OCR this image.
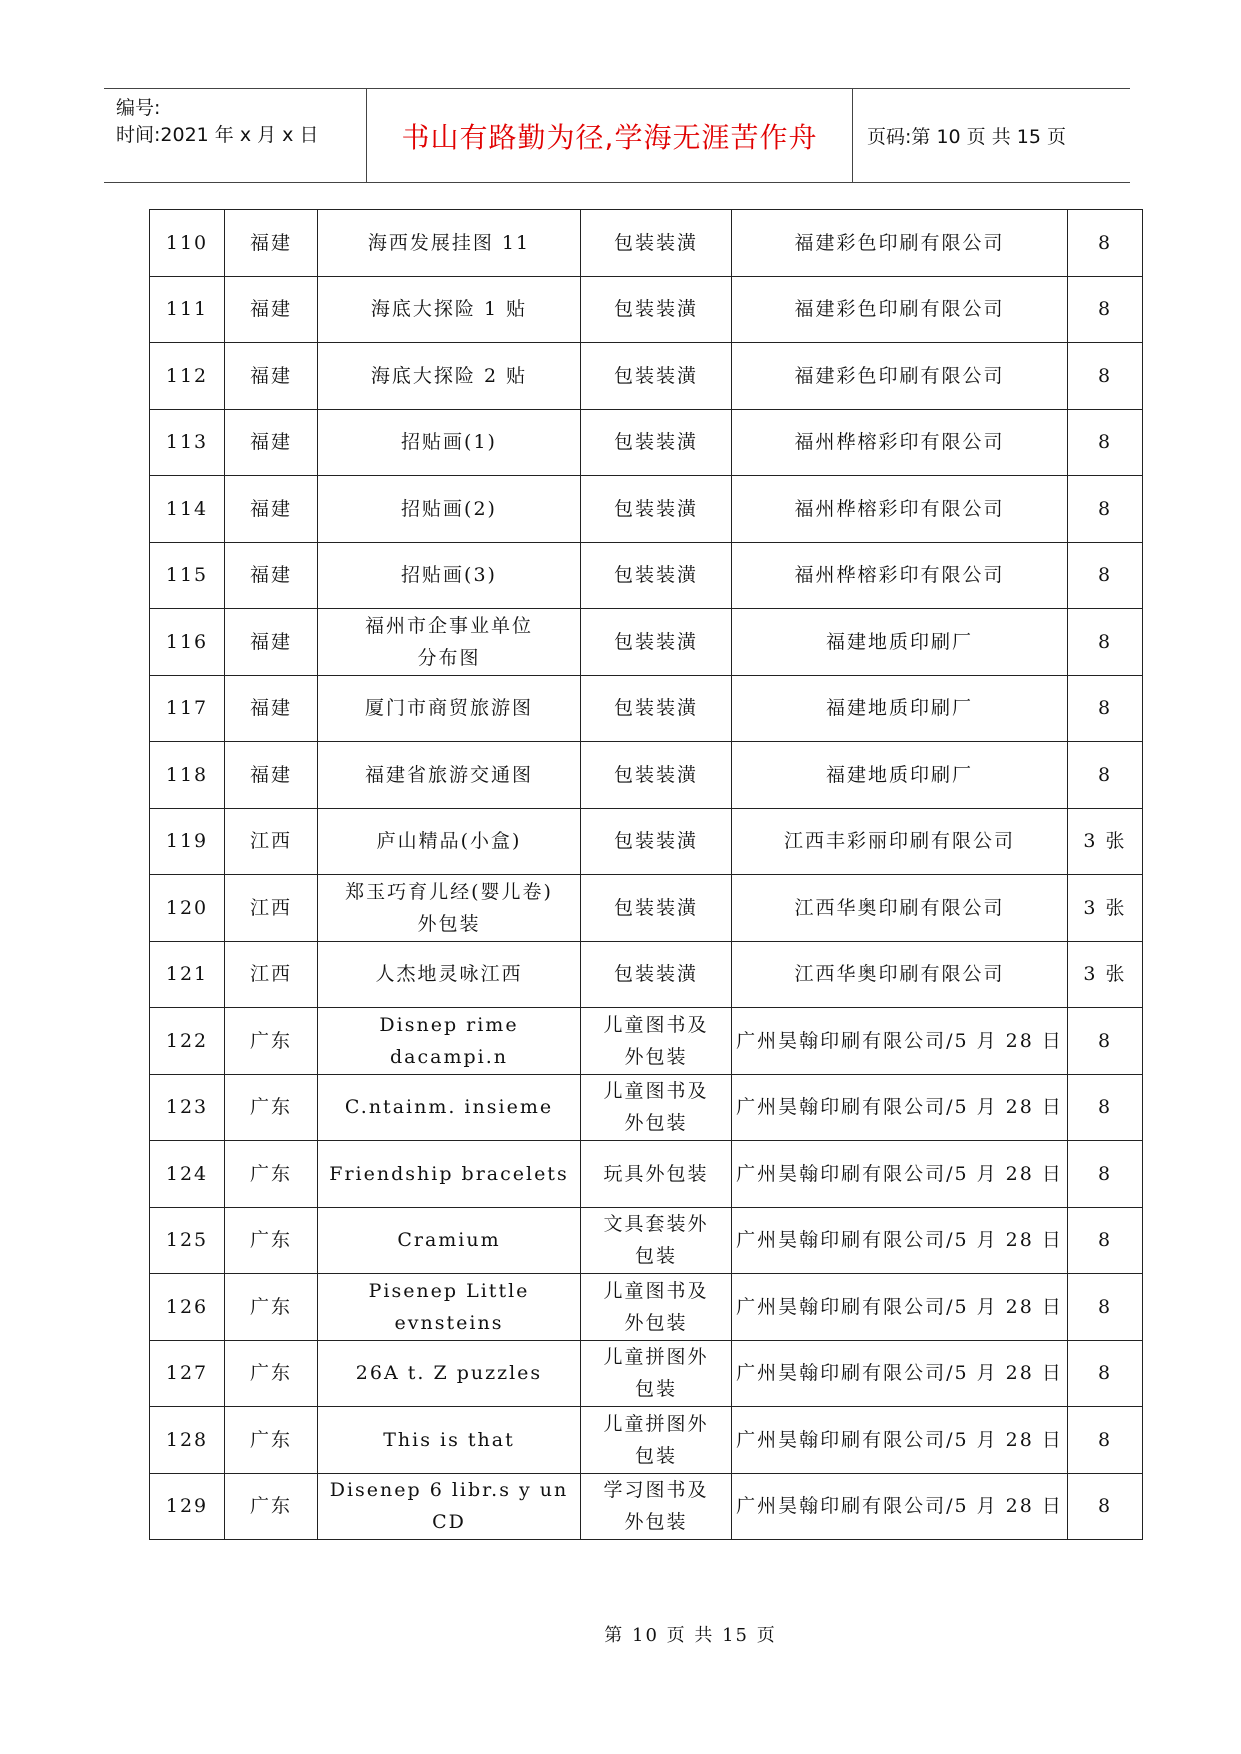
编号:
时间:2021 年 x 月 x 日	书山有路勤为径,学海无涯苦作舟	页码:第 10 页 共 15 页
110	福建	海西发展挂图 11	包装装潢	福建彩色印刷有限公司	8
111	福建	海底大探险 1 贴	包装装潢	福建彩色印刷有限公司	8
112	福建	海底大探险 2 贴	包装装潢	福建彩色印刷有限公司	8
113	福建	招贴画(1)	包装装潢	福州桦榕彩印有限公司	8
114	福建	招贴画(2)	包装装潢	福州桦榕彩印有限公司	8
115	福建	招贴画(3)	包装装潢	福州桦榕彩印有限公司	8
116	福建	福州市企事业单位
分布图	包装装潢	福建地质印刷厂	8
117	福建	厦门市商贸旅游图	包装装潢	福建地质印刷厂	8
118	福建	福建省旅游交通图	包装装潢	福建地质印刷厂	8
119	江西	庐山精品(小盒)	包装装潢	江西丰彩丽印刷有限公司	3 张
120	江西	郑玉巧育儿经(婴儿卷)
外包装	包装装潢	江西华奥印刷有限公司	3 张
121	江西	人杰地灵咏江西	包装装潢	江西华奥印刷有限公司	3 张
122	广东	Disnep rime dacampi.n	儿童图书及
外包装	广州昊翰印刷有限公司/5 月 28 日	8
123	广东	C.ntainm. insieme	儿童图书及
外包装	广州昊翰印刷有限公司/5 月 28 日	8
124	广东	Friendship bracelets	玩具外包装	广州昊翰印刷有限公司/5 月 28 日	8
125	广东	Cramium	文具套装外
包装	广州昊翰印刷有限公司/5 月 28 日	8
126	广东	Pisenep Little
evnsteins	儿童图书及
外包装	广州昊翰印刷有限公司/5 月 28 日	8
127	广东	26A t. Z puzzles	儿童拼图外
包装	广州昊翰印刷有限公司/5 月 28 日	8
128	广东	This is that	儿童拼图外
包装	广州昊翰印刷有限公司/5 月 28 日	8
129	广东	Disenep 6 libr.s y un
CD	学习图书及
外包装	广州昊翰印刷有限公司/5 月 28 日	8
第 10 页 共 15 页
